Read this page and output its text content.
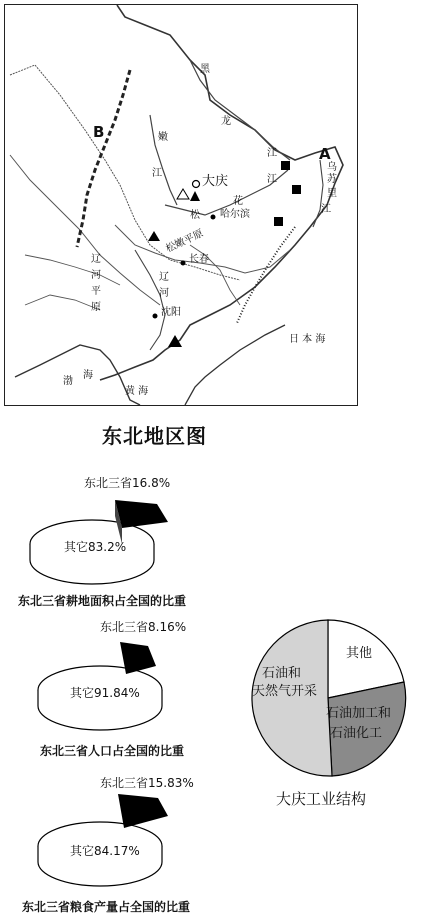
B
A
大庆
哈尔滨
长春
沈阳
松嫩平原
辽
河
平
原
辽
河
黑
龙
江
嫩
江
松
花
江
乌
苏
里
江
日 本 海
渤
海
黄 海
东北地区图
东北三省16.8%
其它83.2%
东北三省耕地面积占全国的比重
东北三省8.16%
其它91.84%
东北三省人口占全国的比重
东北三省15.83%
其它84.17%
东北三省粮食产量占全国的比重
其他
石油和
天然气开采
石油加工和
石油化工
大庆工业结构
